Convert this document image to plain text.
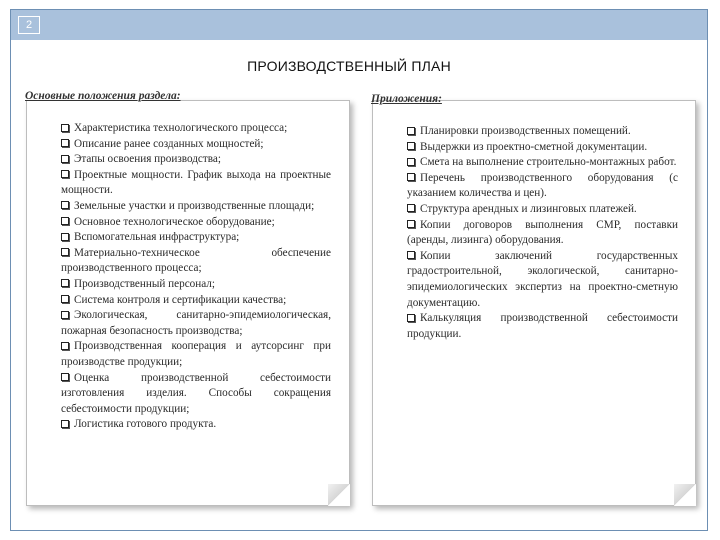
2
ПРОИЗВОДСТВЕННЫЙ ПЛАН
Основные положения раздела:
Характеристика технологического процесса;
Описание ранее созданных мощностей;
Этапы освоения производства;
Проектные мощности. График выхода на проектные мощности.
Земельные участки и производственные площади;
Основное технологическое оборудование;
Вспомогательная инфраструктура;
Материально-техническое обеспечение производственного процесса;
Производственный персонал;
Система контроля и сертификации качества;
Экологическая, санитарно-эпидемиологическая, пожарная безопасность производства;
Производственная кооперация и аутсорсинг при производстве продукции;
Оценка производственной себестоимости изготовления изделия. Способы сокращения себестоимости продукции;
Логистика готового продукта.
Приложения:
Планировки производственных помещений.
Выдержки из проектно-сметной документации.
Смета на выполнение строительно-монтажных работ.
Перечень производственного оборудования (с указанием количества и цен).
Структура арендных и лизинговых платежей.
Копии договоров выполнения СМР, поставки (аренды, лизинга) оборудования.
Копии заключений государственных градостроительной, экологической, санитарно-эпидемиологических экспертиз на проектно-сметную документацию.
Калькуляция производственной себестоимости продукции.
